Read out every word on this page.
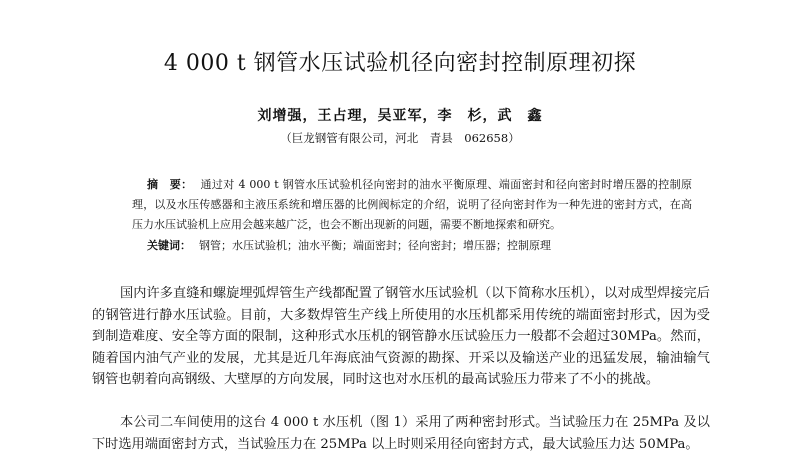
4 000 t 钢管水压试验机径向密封控制原理初探
刘增强，王占理，吴亚军，李　杉，武　鑫
（巨龙钢管有限公司，河北　青县　062658）
摘　要： 通过对 4 000 t 钢管水压试验机径向密封的油水平衡原理、端面密封和径向密封时增压器的控制原理，以及水压传感器和主液压系统和增压器的比例阀标定的介绍，说明了径向密封作为一种先进的密封方式，在高压力水压试验机上应用会越来越广泛，也会不断出现新的问题，需要不断地探索和研究。
关键词： 钢管；水压试验机；油水平衡；端面密封；径向密封；增压器；控制原理

国内许多直缝和螺旋埋弧焊管生产线都配置了钢管水压试验机（以下简称水压机），以对成型焊接完后的钢管进行静水压试验。目前，大多数焊管生产线上所使用的水压机都采用传统的端面密封形式，因为受到制造难度、安全等方面的限制，这种形式水压机的钢管静水压试验压力一般都不会超过30MPa。然而，随着国内油气产业的发展，尤其是近几年海底油气资源的勘探、开采以及输送产业的迅猛发展，输油输气钢管也朝着向高钢级、大壁厚的方向发展，同时这也对水压机的最高试验压力带来了不小的挑战。

本公司二车间使用的这台 4 000 t 水压机（图 1）采用了两种密封形式。当试验压力在 25MPa 及以下时选用端面密封方式，当试验压力在 25MPa 以上时则采用径向密封方式，最大试验压力达 50MPa。
